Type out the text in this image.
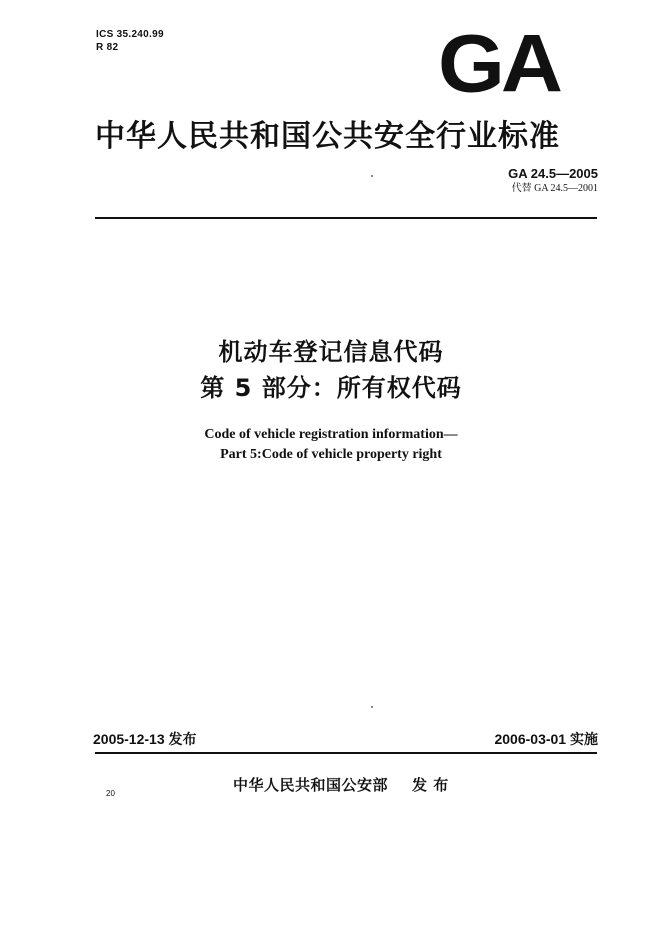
ICS 35.240.99
R 82	GA
中华人民共和国公共安全行业标准
GA 24.5—2005
代替 GA 24.5—2001
机动车登记信息代码
第 5 部分：所有权代码
Code of vehicle registration information—
Part 5:Code of vehicle property right
2005-12-13 发布	2006-03-01 实施
中华人民共和国公安部 发 布
20
